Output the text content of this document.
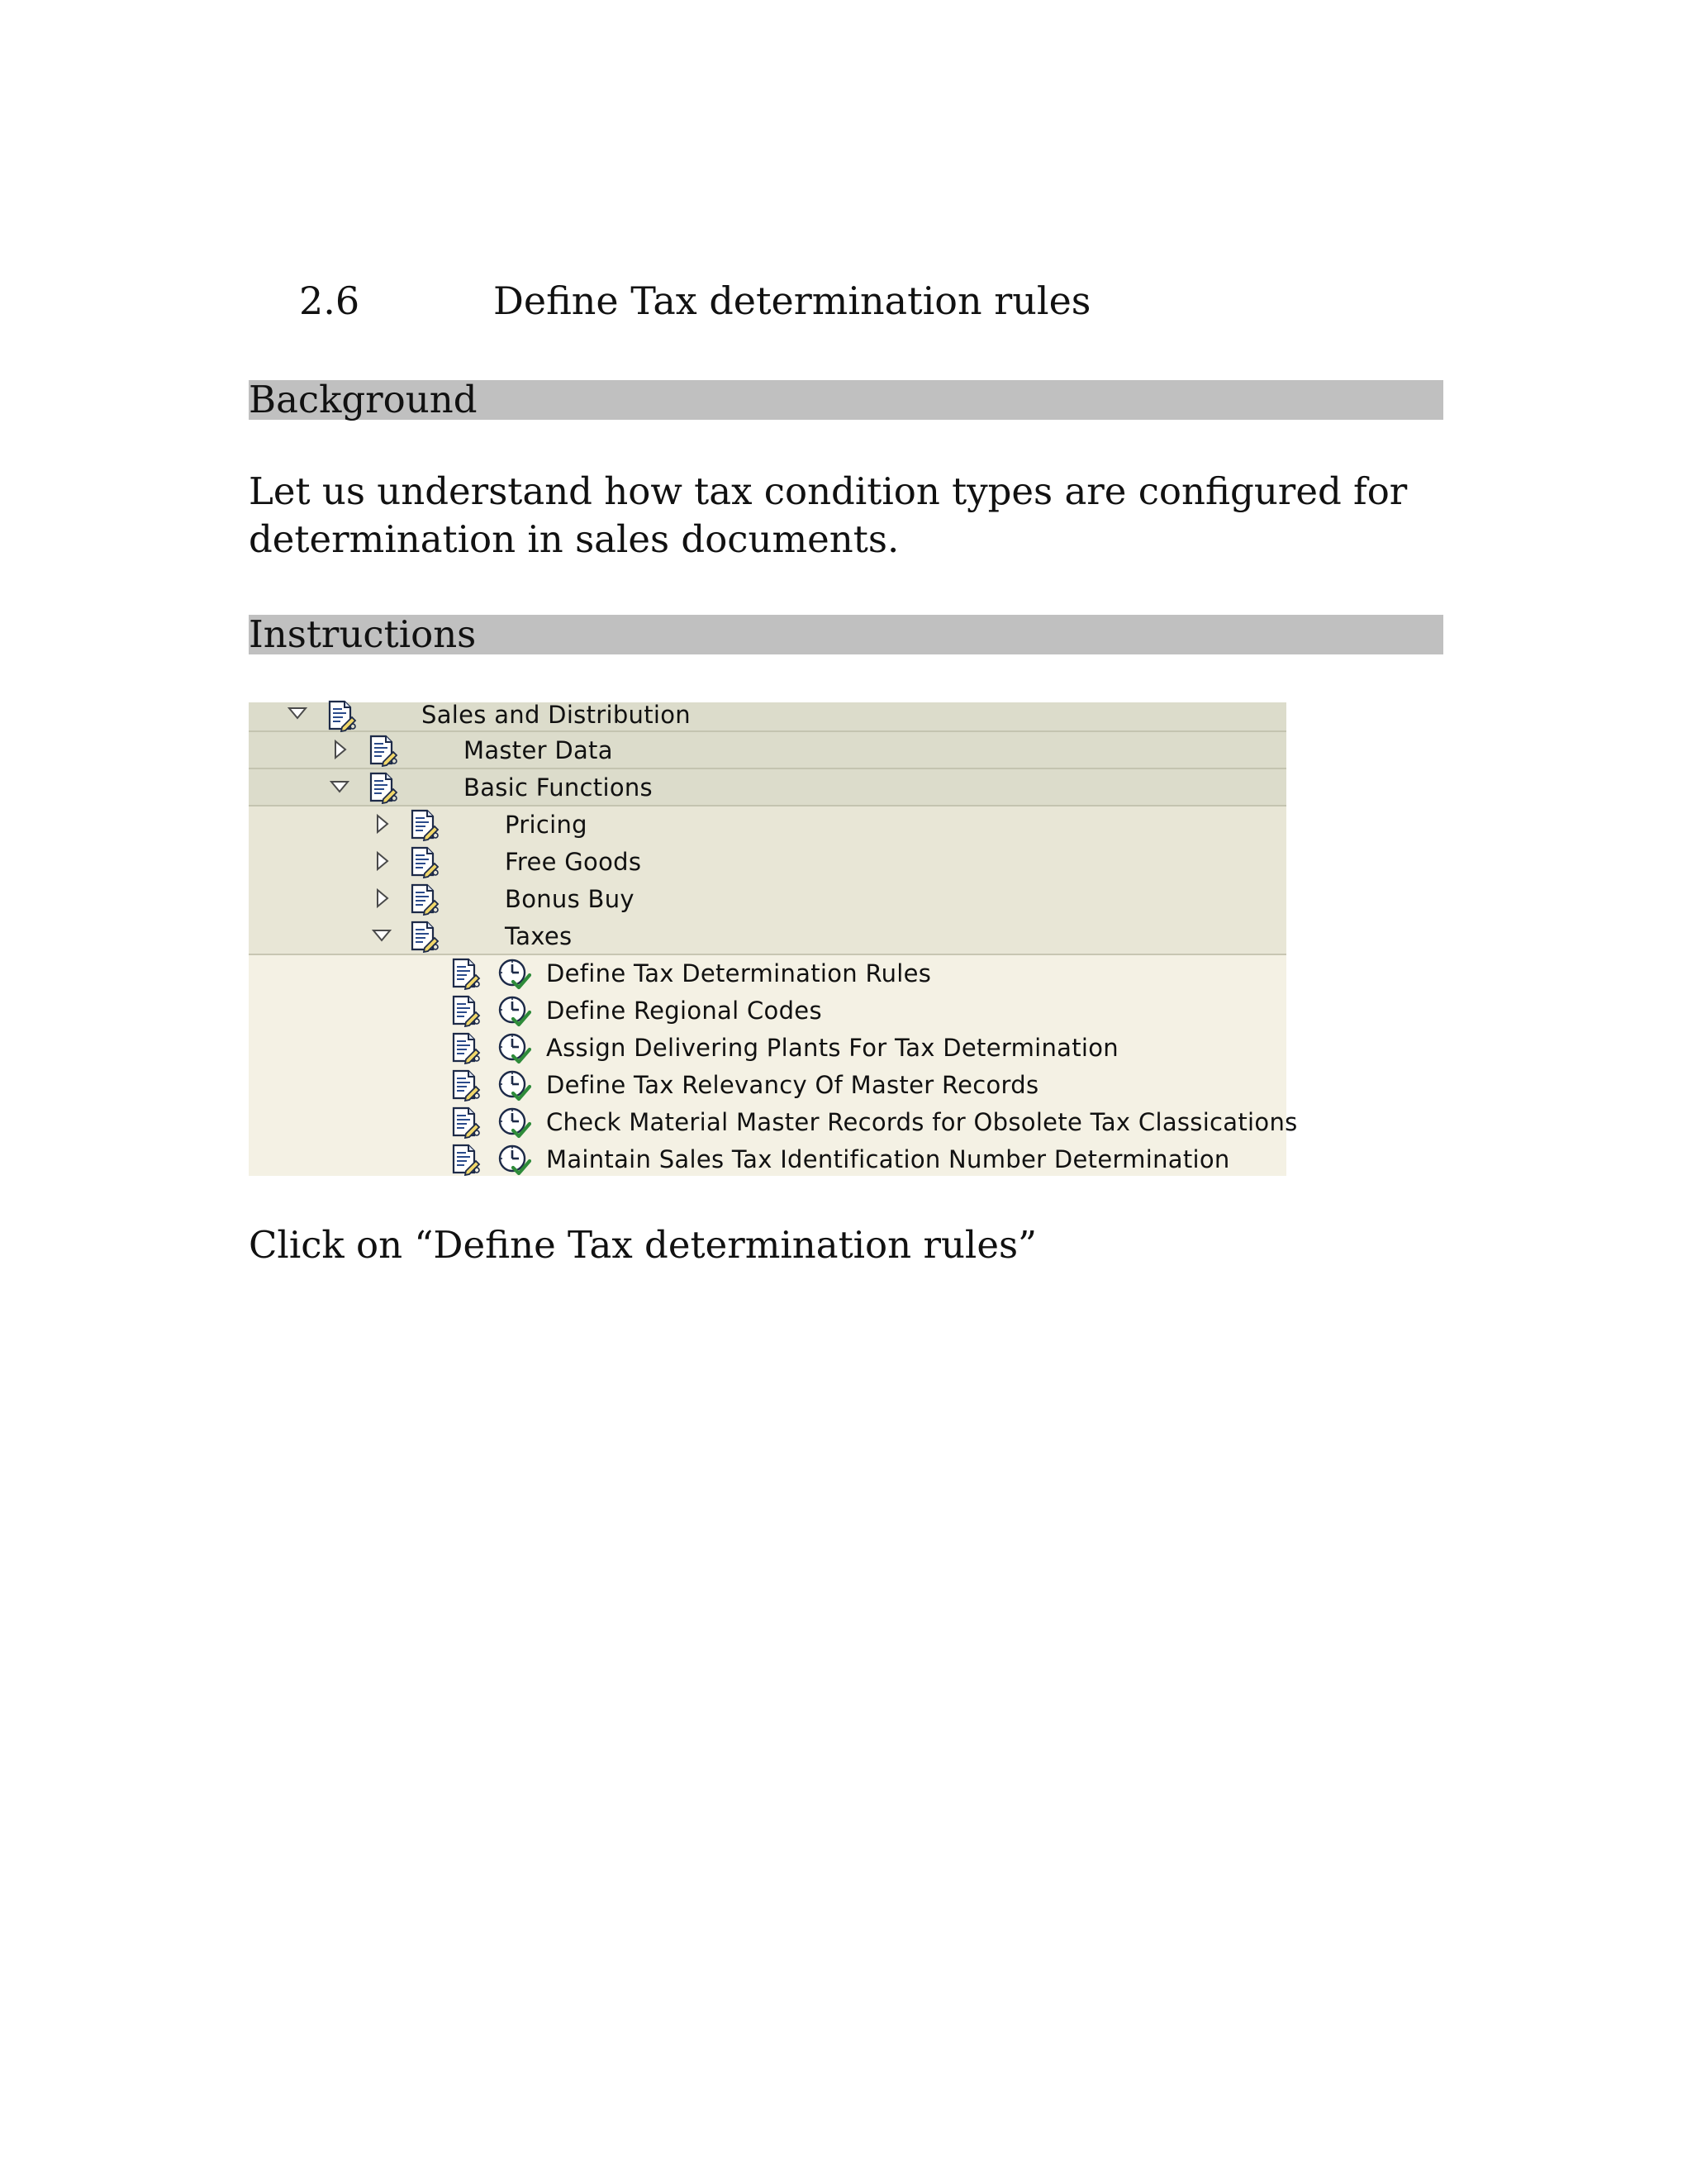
2.6	Define Tax determination rules
Background
Let us understand how tax condition types are configured for
determination in sales documents.
Instructions
Sales and Distribution
Master Data
Basic Functions
Pricing
Free Goods
Bonus Buy
Taxes
Define Tax Determination Rules
Define Regional Codes
Assign Delivering Plants For Tax Determination
Define Tax Relevancy Of Master Records
Check Material Master Records for Obsolete Tax Classications
Maintain Sales Tax Identification Number Determination
Click on “Define Tax determination rules”
